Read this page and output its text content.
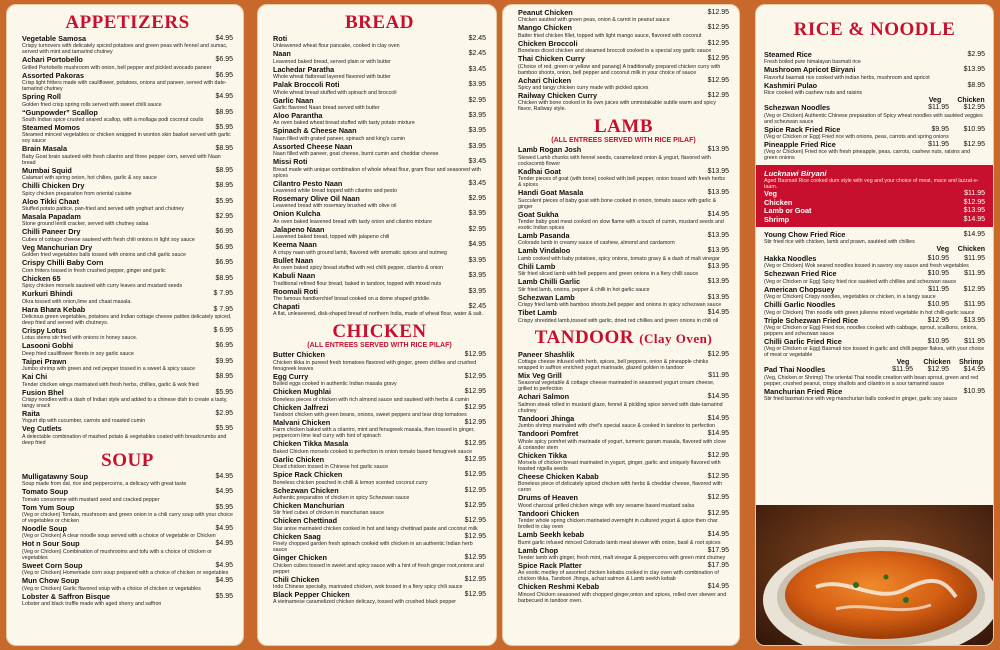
APPETIZERS
Vegetable Samosa	$4.95
Crispy turnovers with delicately spiced potatoes and green peas with fennel and sumac, served with mint and tamarind chutney
Achari Portobello	$6.95
Grilled Portobello mushroom with onion, bell pepper and pickled avocado paneer
Assorted Pakoras	$6.95
Crisp light fritters made with cauliflower, potatoes, onions and paneer, served with date-tamarind chutney
Spring Roll	$4.95
Golden fried crisp spring rolls served with sweet chilli sauce
“Gunpowder” Scallop	$8.95
South Indian spice crusted seared scallop, with a mollaga podi coconut coulis
Steamed Momos	$5.95
Steamed minced vegetables or chicken wrapped in wonton skin basket served with garlic soy sauce
Brain Masala	$8.95
Baby Goat brain sauteed with fresh cilantro and three pepper corn, served with Naan bread
Mumbai Squid	$8.95
Calamari with spring onion, hot chilies, garlic & soy sauce
Chilli Chicken Dry	$8.95
Spicy chicken preparation from oriental cuisine
Aloo Tikki Chaat	$5.95
Stuffed potato pattice, pan-fried and served with yoghurt and chutney
Masala Papadam	$2.95
Stone ground lentil cracker, served with chutney salsa
Chilli Paneer Dry	$6.95
Cubes of cottage cheese sauteed with fresh chili onions in light soy sauce
Veg Manchurian Dry	$6.95
Golden fried vegetables balls tossed with onions and chili garlic sauce
Crispy Chilli Baby Corn	$6.95
Corn fritters tossed in fresh crushed pepper, ginger and garlic
Chicken 65	$8.95
Spicy chicken morsels sauteed with curry leaves and mustard seeds
Kurkuri Bhindi	$ 7.95
Okra tossed with onion,lime and chaat masala.
Hara Bhara Kebab	$ 7.95
Delicious green vegetables, potatoes and Indian cottage cheese patties delicately spiced, deep fried and served with chutneys.
Crispy Lotus	$ 6.95
Lotus stems stir fried with onions in honey sauce.
Lasooni Gobhi	$6.95
Deep fried cauliflower florets in soy garlic sauce
Taipei Prawn	$9.95
Jumbo shrimp with green and red pepper tossed in a sweet & spicy sauce
Kai Chi	$8.95
Tender chicken wings marinated with fresh herbs, chillies, garlic & wok fried
Fusion Bhel	$5.95
Crispy noodles with a dash of Indian style and added to a chinese dish to create a tasty, tangy snack
Raita	$2.95
Yogurt dip with cucumber, carrots and roasted cumin
Veg Cutlets	$5.95
A delectable combination of mashed potato & vegetables coated with breadcrumbs and deep fried
SOUP
Mulligatawny Soup	$4.95
Soup made from dal, rice and peppercorns, a delicacy with great taste
Tomato Soup	$4.95
Tomato consomme with mustard seed and cracked pepper
Tom Yum Soup	$5.95
(Veg or chicken) Tomato, mushroom and green onion in a chili curry soup with your choice of vegetables or chicken
Noodle Soup	$4.95
(Veg or Chicken) A clear noodle soup served with a choice of vegetable or Chicken
Hot n Sour Soup	$4.95
(Veg or Chicken) Combination of mushrooms and tofu with a choice of chicken or vegetables
Sweet Corn Soup	$4.95
(Veg or Chicken) Homemade corn soup prepared with a choice of chicken or vegetables
Mun Chow Soup	$4.95
(Veg or Chicken) Garlic flavored soup with a choice of chicken or vegetables
Lobster & Saffron Bisque	$5.95
Lobster and black truffle made with aged sherry and saffron
BREAD
Roti	$2.45
Unleavened wheat flour pancake, cooked in clay oven
Naan	$2.45
Leavened baked bread, served plain or with butter
Lachedar Paratha	$3.45
Whole wheat flatbread layered flavored with butter
Palak Broccoli Roti	$3.95
Whole wheat bread stuffed with spinach and broccoli
Garlic Naan	$2.95
Garlic flavored Naan bread served with butter
Aloo Parantha	$3.95
An oven baked wheat bread stuffed with tasty potato mixture
Spinach & Cheese Naan	$3.95
Naan filled with grated paneer, spinach and king's cumin
Assorted Cheese Naan	$3.95
Naan filled with paneer, goat cheese, burnt cumin and cheddar cheese
Missi Roti	$3.45
Bread made with unique combination of whole wheat flour, gram flour and seasoned with spices
Cilantro Pesto Naan	$3.45
Leavened white bread topped with cilantro and pesto
Rosemary Olive Oil Naan	$2.95
Leavened bread with rosemary brushed with olive oil
Onion Kulcha	$3.95
An oven baked leavened bread with tasty onion and cilantro mixture
Jalapeno Naan	$2.95
Leavened baked bread, topped with jalapeno chili
Keema Naan	$4.95
A crispy naan with ground lamb, flavored with aromatic spices and nutmeg
Bullet Naan	$3.95
An oven baked spicy bread stuffed with red chilli pepper, cilantro & onion
Kabuli Naan	$3.95
Traditional refined flour bread, baked in tandoor, topped with mixed nuts
Roomali Roti	$3.95
The famous handkerchief bread cooked on a dome shaped griddle.
Chapati	$2.45
A flat, unleavened, disk-shaped bread of northern India, made of wheat flour, water & salt.
CHICKEN
(ALL ENTREES SERVED WITH RICE PILAF)
Butter Chicken	$12.95
Chicken tikka in pureed fresh tomatoes flavored with ginger, green chillies and crushed fenugreek leaves
Egg Curry	$12.95
Boiled eggs cooked in authentic Indian masala gravy
Chicken Mughlai	$12.95
Boneless pieces of chicken with rich almond sauce and sauteed with herbs & cumin
Chicken Jalfrezi	$12.95
Tandoori chicken with green beans, onions, sweet peppers and tear drop tomatoes
Malvani Chicken	$12.95
Farm chicken baked with a cilantro, mint and fenugreek masala, then tossed in ginger, peppercorn lime leaf curry with hint of spinach
Chicken Tikka Masala	$12.95
Baked Chicken morsels cooked to perfection in onion tomato based fenugreek sauce
Garlic Chicken	$12.95
Diced chicken tossed in Chinese hot garlic sauce
Spice Rack Chicken	$12.95
Boneless chicken poached in chilli & lemon scented coconut curry
Schezwan Chicken	$12.95
Authentic preparation of chicken in spicy Schezwan sauce
Chicken Manchurian	$12.95
Stir fried cubes of chicken in manchurian sauce
Chicken Chettinad	$12.95
Star anise marinated chicken cooked in hot and tangy chettinad paste and coconut milk
Chicken Saag	$12.95
Finely chopped garden fresh spinach cooked with chicken in an authentic Indian herb sauce
Ginger Chicken	$12.95
Chicken cubes tossed in sweet and spicy sauce with a hint of fresh ginger root,onions and pepper
Chili Chicken	$12.95
Indo Chinese specialty, marinated chicken, wok tossed in a fiery spicy chili sauce
Black Pepper Chicken	$12.95
A vietnamese caramelized chicken delicacy, tossed with crushed black pepper
Peanut Chicken	$12.95
Chicken sautted with green peas, onion & carrot in peanut sauce
Mango Chicken	$12.95
Batter fried chicken fillet, topped with light mango sauce, flavored with coconut
Chicken Broccoli	$12.95
Boneless diced chicken and steamed broccoli cooked in a special soy garlic sauce
Thai Chicken Curry	$12.95
(Choice of red, green or yellow and panang) A traditionally prepared chicken curry with bamboo shoots, onion, bell pepper and coconut milk in your choice of sauce
Achari Chicken	$12.95
Spicy and tangy chicken curry made with pickled spices
Railway Chicken Curry	$12.95
Chicken with bone cooked in its own juices with unmistakable subtle warm and spicy flavor, Railway style.
LAMB
(ALL ENTREES SERVED WITH RICE PILAF)
Lamb Rogan Josh	$13.95
Stewed Lamb chunks with fennel seeds, caramelized onion & yogurt, flavored with cockscomb flower
Kadhai Goat	$13.95
Tender pieces of goat (with bone) cooked with bell pepper, onion tossed with fresh herbs & spices
Handi Goat Masala	$13.95
Succulent pieces of baby goat with bone cooked in onion, tomato sauce with garlic & ginger
Goat Sukha	$14.95
Tender baby goat meat cooked on slow flame with a touch of cumin, mustard seeds and exotic Indian spices
Lamb Pasanda	$13.95
Colorado lamb in creamy sauce of cashew, almond and cardamom
Lamb Vindaloo	$13.95
Lamb cooked with baby potatoes, spicy onions, tomato gravy & a dash of malt vinegar
Chili Lamb	$13.95
Stir fried sliced lamb with bell peppers and green onions in a fiery chilli sauce
Lamb Chilli Garlic	$13.95
Stir fried lamb, onions, pepper & chilli in hot garlic sauce
Schezwan Lamb	$13.95
Crispy fried lamb with bamboo shoots,bell pepper and onions in spicy schezwan sauce
Tibet Lamb	$14.95
Crispy shredded lamb,tossed with garlic, dried red chillies and green onions in chili oil
TANDOOR (Clay Oven)
Paneer Shashlik	$12.95
Cottage cheese infused with herb, spices, bell peppers, onion & pineapple chinks wrapped in saffron enriched yogurt marinade, glazed golden in tandoor
Mix Veg Grill	$11.95
Seasonal vegetable & cottage cheese marinated in seasoned yogurt cream cheese, grilled to perfection
Achari Salmon	$14.95
Salmon steak rolled in mustard glaze, fennel & pickling spice served with date-tamarind chutney
Tandoori Jhinga	$14.95
Jumbo shrimp marinated with chef's special sauce & cooked in tandoor to perfection
Tandoori Pomfret	$14.95
Whole spicy pomfret with marinade of yogurt, turmeric garam masala, flavored with clove & coriander stem
Chicken Tikka	$12.95
Morsels of chicken breast marinated in yogurt, ginger, garlic and uniquely flavored with toasted nigella seeds
Cheese Chicken Kabab	$12.95
Boneless piece of delicately spiced chicken with herbs & cheddar cheese, flavored with caron
Drums of Heaven	$12.95
Wood charcoal grilled chicken wings with soy sesame based mustard salsa
Tandoori Chicken	$12.95
Tender whole spring chicken marinated overnight in cultured yogurt & spice then char broiled in clay oven
Lamb Seekh kebab	$14.95
Burnt garlic infused minced Colorado lamb meat skewer with onion, basil & root spices
Lamb Chop	$17.95
Tender lamb with ginger, fresh mint, malt vinegar & peppercorns with green mint chutney
Spice Rack Platter	$17.95
An exotic medley of assorted chicken kebabs cooked in clay oven with combination of chicken tikka, Tandoori Jhinga, achari salmon & Lamb seekh kebab
Chicken Reshmi Kebab	$14.95
Minced Chicken seasoned with chopped ginger,onion and spices, rolled over skewer and barbecued in tandoor oven.
RICE & NOODLE
Steamed Rice	$2.95
Fresh boiled pure himalayan basmati rice
Mushroom Apricot Biryani	$13.95
Flavorful basmati rice cooked with indian herbs, mushroom and apricot
Kashmiri Pulao	$8.95
Rice cooked with cashew nuts and raisins
Veg	Chicken
Schezwan Noodles	$11.95	$12.95
(Veg or Chicken) Authentic Chinese preparation of Spicy wheat noodles with sautéed veggies and schezwan sauce
Spice Rack Fried Rice	$9.95	$10.95
(Veg or Chicken or Egg) Fried rice with onions, peas, carrots and spring onions
Pineapple Fried Rice	$11.95	$12.95
(Veg or Chicken) Fried rice with fresh pineapple, peas, carrots, cashew nuts, raisins and green onions
Lucknawi Biryani
Aged Basmati Rice cooked dum style with veg and your choice of meat, mace and lazzat-e-taam.
Veg	$11.95
Chicken	$12.95
Lamb or Goat	$13.95
Shrimp	$14.95
Young Chow Fried Rice	$14.95
Stir fried rice with chicken, lamb and prawn, sautéed with chillies
Hakka Noodles
Veg	Chicken
$10.95	$11.95
(Veg or Chicken) Wok seared noodles tossed in savory soy sauce and fresh vegetables
Schezwan Fried Rice	$10.95	$11.95
(Veg or Chicken or Egg) Spicy fried rice sautéed with chillies and schezwan sauce
American Chopsuey	$11.95	$12.95
(Veg or Chicken) Crispy noodles, vegetables or chicken, in a tangy sauce
Chilli Garlic Noodles	$10.95	$11.95
(Veg or Chicken) Thin noodle with green julienne mixed vegetable in hot chilli-garlic sauce
Triple Schezwan Fried Rice	$12.95	$13.95
(Veg or Chicken or Egg) Fried rice, noodles cooked with cabbage, sprout, scallions, onions, peppers and schezwan sauce
Chilli Garlic Fried Rice	$10.95	$11.95
(Veg or Chicken or Egg) Basmati rice tossed in garlic and chilli pepper flakes, with your choice of meat or vegetable
Veg	Chicken Shrimp
Pad Thai Noodles	$11.95	$12.95	$14.95
(Veg, Chicken or Shrimp) The oriental Thai noodle creation with bean sprout, green and red pepper, crushed peanut, crispy shallots and cilantro in a sour tamarind sauce
Manchurian Fried Rice	$10.95
Stir fried basmati rice with veg manchurian balls cooked in ginger, garlic soy sauce
